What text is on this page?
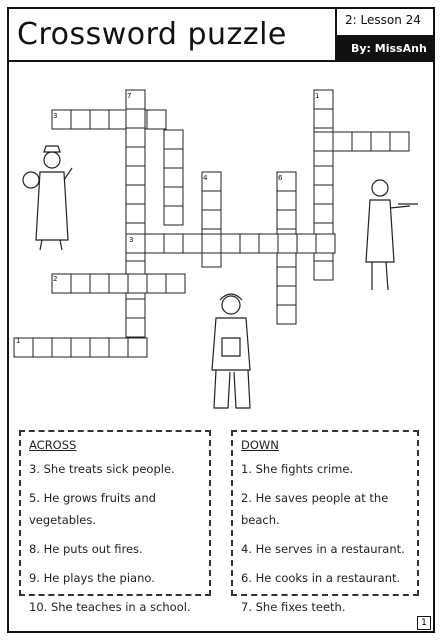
Crossword puzzle	2: Lesson 24
By: MissAnh
3
7	1
4	6
3
2
1
ACROSS
3. She treats sick people.
5. He grows fruits and vegetables.
8. He puts out fires.
9. He plays the piano.
10. She teaches in a school.
DOWN
1. She fights crime.
2. He saves people at the beach.
4. He serves in a restaurant.
6. He cooks in a restaurant.
7. She fixes teeth.
1
